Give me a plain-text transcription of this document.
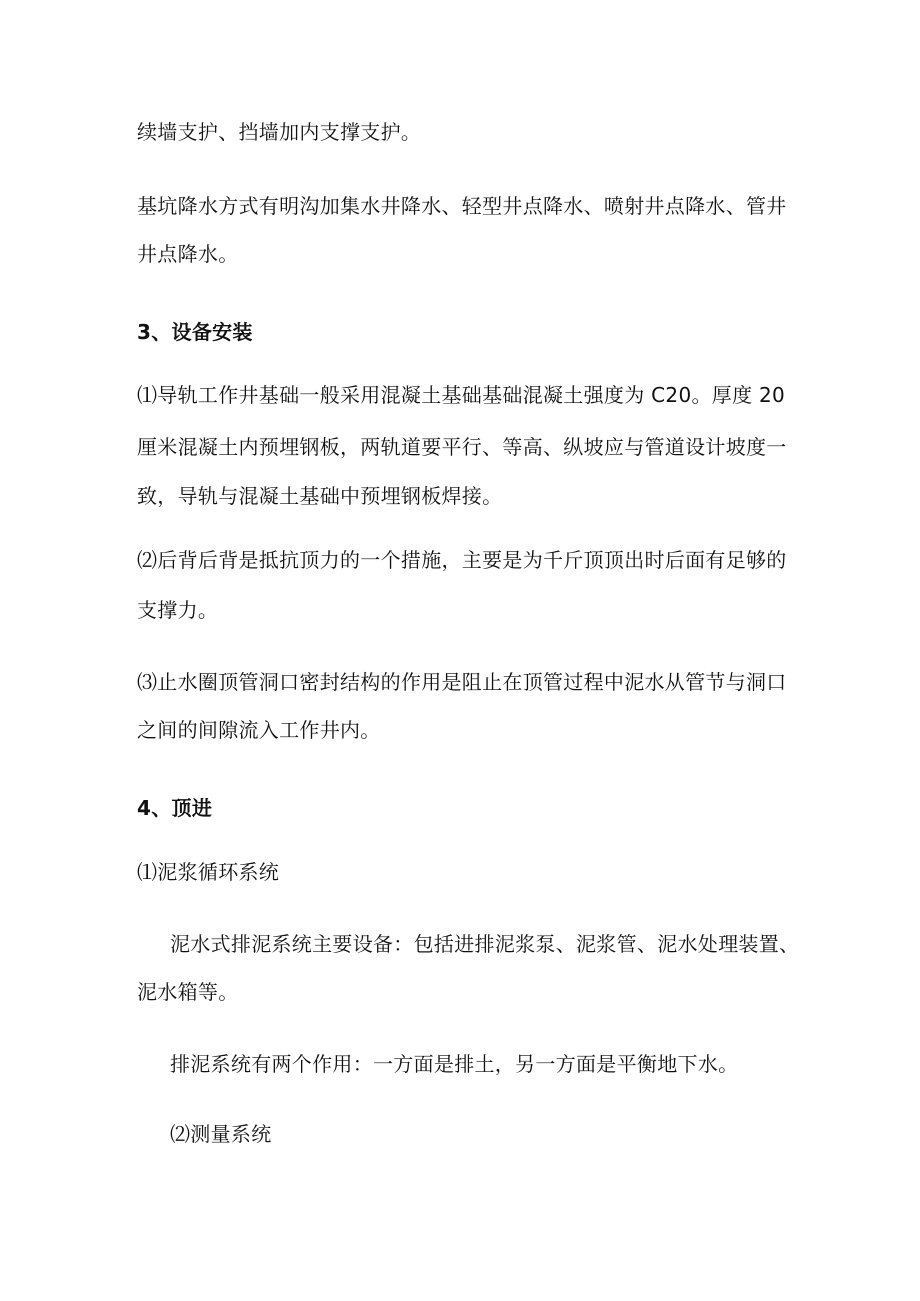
续墙支护、挡墙加内支撑支护。
基坑降水方式有明沟加集水井降水、轻型井点降水、喷射井点降水、管井
井点降水。
3、设备安装
⑴导轨工作井基础一般采用混凝土基础基础混凝土强度为 C20。厚度 20
厘米混凝土内预埋钢板，两轨道要平行、等高、纵坡应与管道设计坡度一
致，导轨与混凝土基础中预埋钢板焊接。
⑵后背后背是抵抗顶力的一个措施，主要是为千斤顶顶出时后面有足够的
支撑力。
⑶止水圈顶管洞口密封结构的作用是阻止在顶管过程中泥水从管节与洞口
之间的间隙流入工作井内。
4、顶进
⑴泥浆循环系统
泥水式排泥系统主要设备：包括进排泥浆泵、泥浆管、泥水处理装置、
泥水箱等。
排泥系统有两个作用：一方面是排土，另一方面是平衡地下水。
⑵测量系统
